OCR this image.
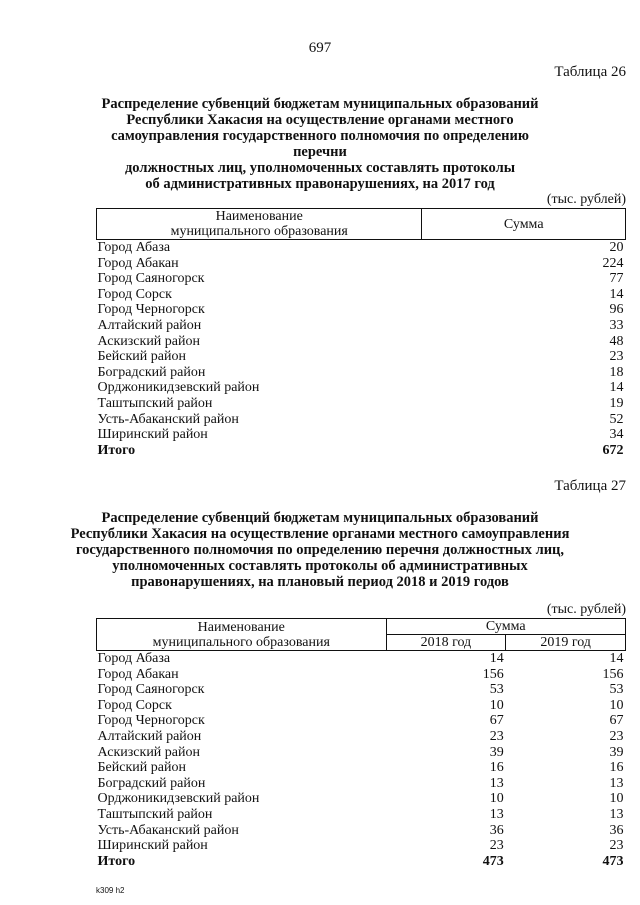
697
Таблица 26
Распределение субвенций бюджетам муниципальных образований
Республики Хакасия на осуществление органами местного
самоуправления государственного полномочия по определению перечни
должностных лиц, уполномоченных составлять протоколы
об административных правонарушениях, на 2017 год
(тыс. рублей)
Наименование
муниципального образования	Сумма
Город Абаза	20
Город Абакан	224
Город Саяногорск	77
Город Сорск	14
Город Черногорск	96
Алтайский район	33
Аскизский район	48
Бейский район	23
Боградский район	18
Орджоникидзевский район	14
Таштыпский район	19
Усть-Абаканский район	52
Ширинский район	34
Итого	672
Таблица 27
Распределение субвенций бюджетам муниципальных образований
Республики Хакасия на осуществление органами местного самоуправления
государственного полномочия по определению перечня должностных лиц,
уполномоченных составлять протоколы об административных
правонарушениях, на плановый период 2018 и 2019 годов
(тыс. рублей)
Наименование
муниципального образования	Сумма	
	2018 год	2019 год
Город Абаза	14	14
Город Абакан	156	156
Город Саяногорск	53	53
Город Сорск	10	10
Город Черногорск	67	67
Алтайский район	23	23
Аскизский район	39	39
Бейский район	16	16
Боградский район	13	13
Орджоникидзевский район	10	10
Таштыпский район	13	13
Усть-Абаканский район	36	36
Ширинский район	23	23
Итого	473	473
k309 h2
